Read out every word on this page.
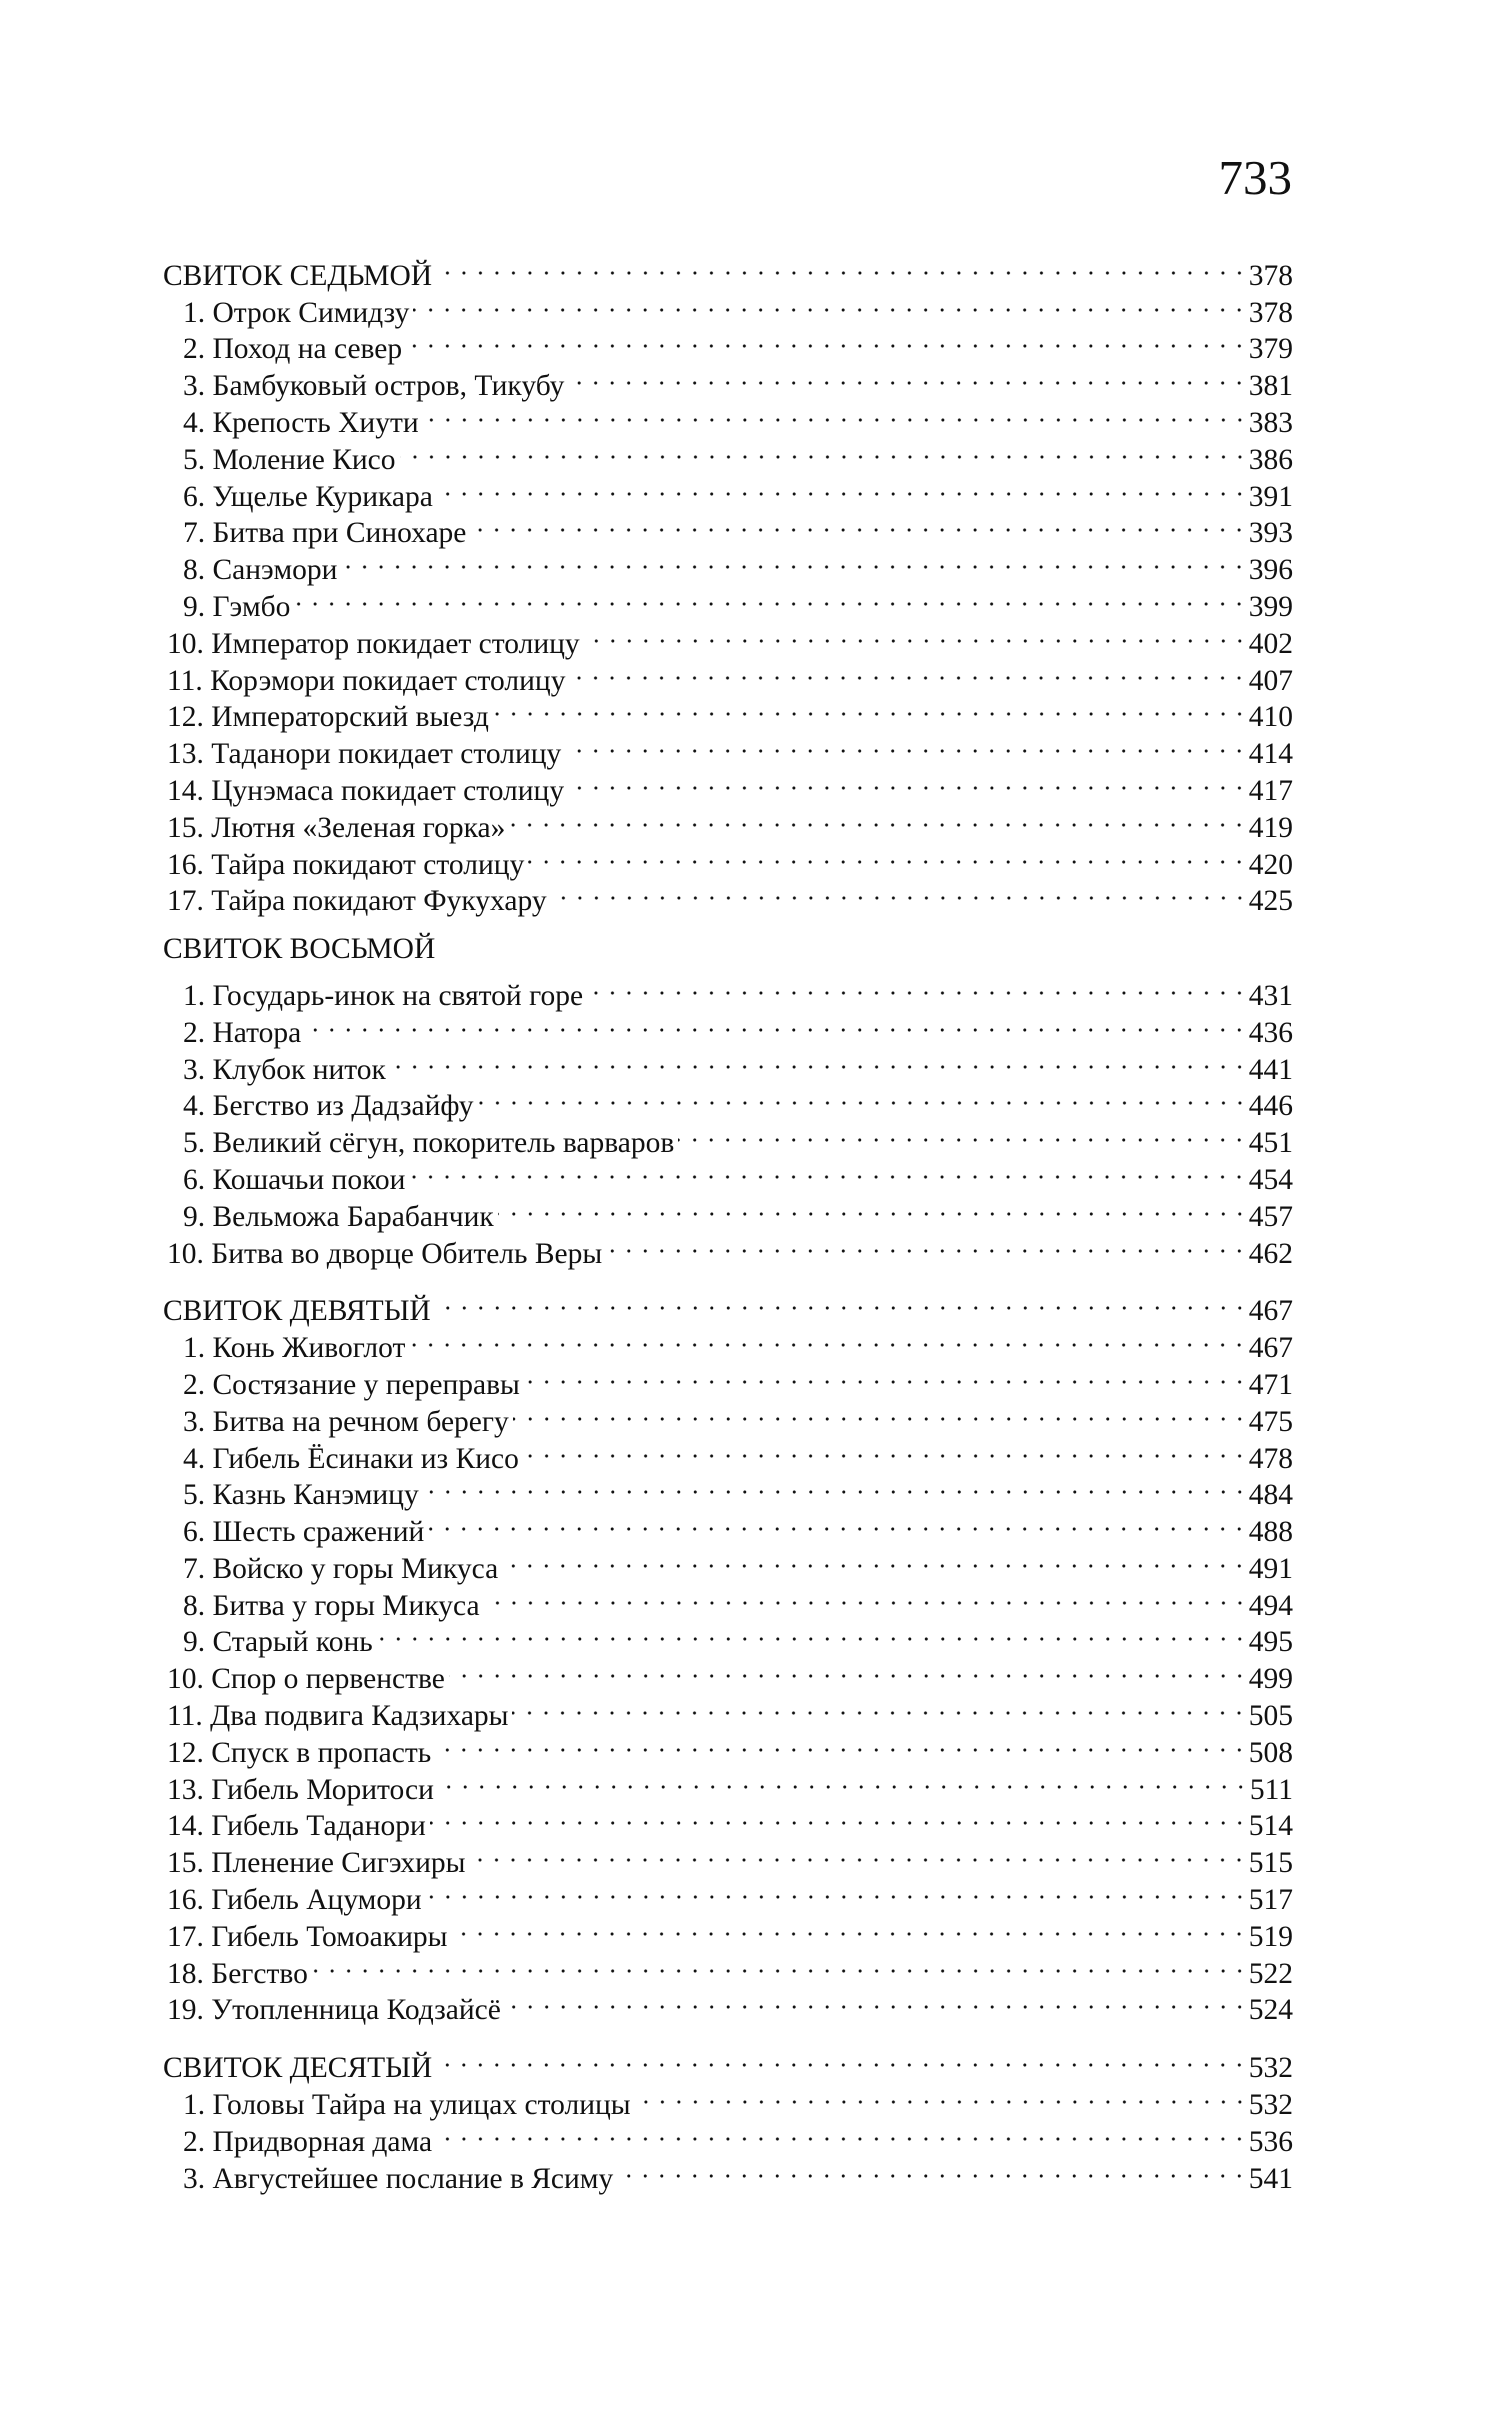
733
СВИТОК СЕДЬМОЙ	378
1. Отрок Симидзу	378
2. Поход на север	379
3. Бамбуковый остров, Тикубу	381
4. Крепость Хиути	383
5. Моление Кисо	386
6. Ущелье Курикара	391
7. Битва при Синохаре	393
8. Санэмори	396
9. Гэмбо	399
10. Император покидает столицу	402
11. Корэмори покидает столицу	407
12. Императорский выезд	410
13. Таданори покидает столицу	414
14. Цунэмаса покидает столицу	417
15. Лютня «Зеленая горка»	419
16. Тайра покидают столицу	420
17. Тайра покидают Фукухару	425
СВИТОК ВОСЬМОЙ
1. Государь-инок на святой горе	431
2. Натора	436
3. Клубок ниток	441
4. Бегство из Дадзайфу	446
5. Великий сёгун, покоритель варваров	451
6. Кошачьи покои	454
9. Вельможа Барабанчик	457
10. Битва во дворце Обитель Веры	462
СВИТОК ДЕВЯТЫЙ	467
1. Конь Живоглот	467
2. Состязание у переправы	471
3. Битва на речном берегу	475
4. Гибель Ёсинаки из Кисо	478
5. Казнь Канэмицу	484
6. Шесть сражений	488
7. Войско у горы Микуса	491
8. Битва у горы Микуса	494
9. Старый конь	495
10. Спор о первенстве	499
11. Два подвига Кадзихары	505
12. Спуск в пропасть	508
13. Гибель Моритоси	511
14. Гибель Таданори	514
15. Пленение Сигэхиры	515
16. Гибель Ацумори	517
17. Гибель Томоакиры	519
18. Бегство	522
19. Утопленница Кодзайсё	524
СВИТОК ДЕСЯТЫЙ	532
1. Головы Тайра на улицах столицы	532
2. Придворная дама	536
3. Августейшее послание в Ясиму	541
